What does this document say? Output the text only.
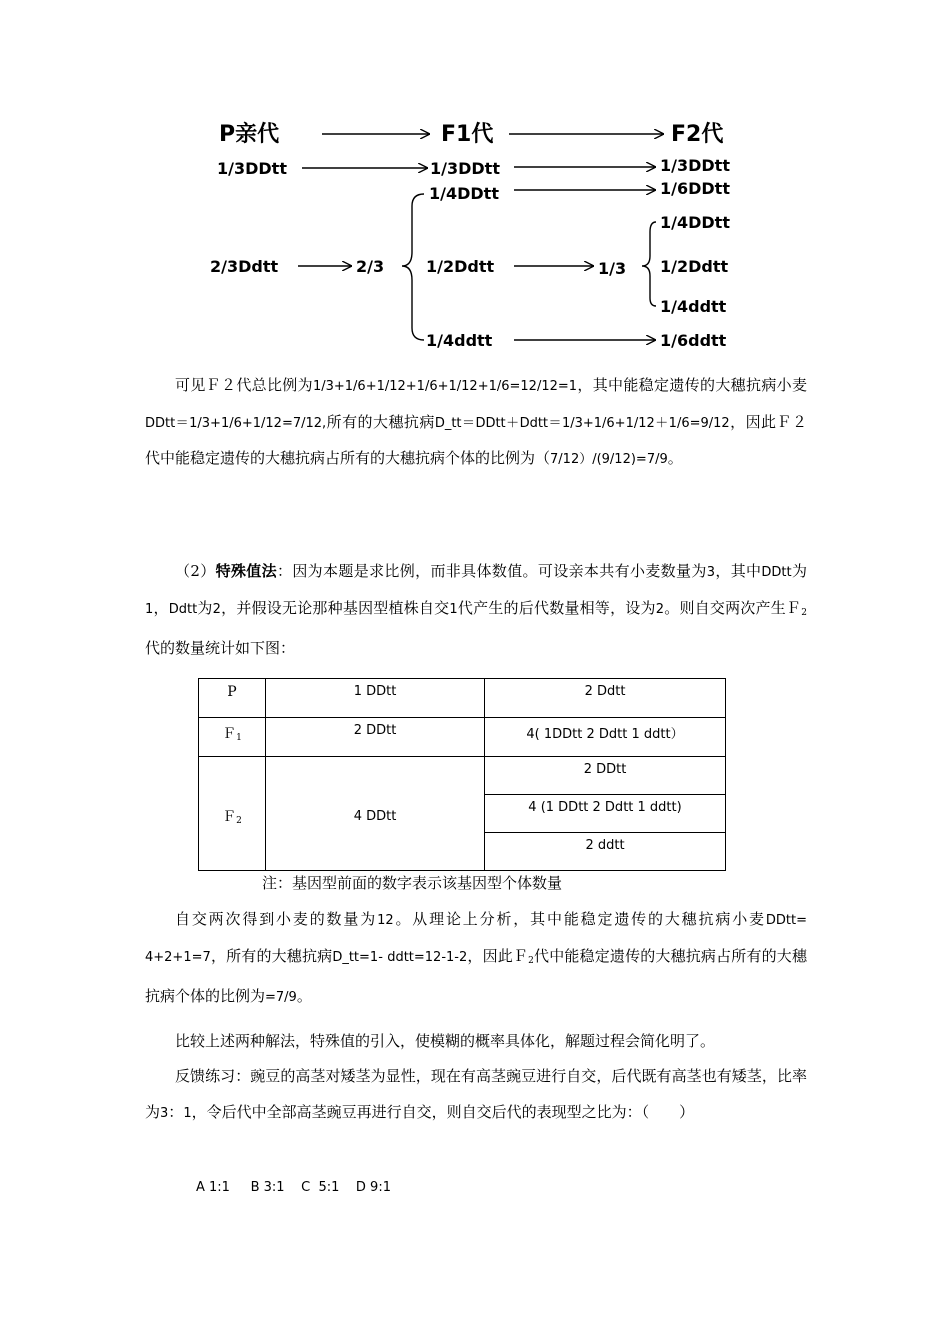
P亲代	F1代	F2代
1/3DDtt	1/3DDtt	1/3DDtt
1/4DDtt	1/6DDtt
1/4DDtt
2/3Ddtt	2/3	1/2Ddtt	1/3 1/2Ddtt
1/4ddtt
1/4ddtt	1/6ddtt

可见Ｆ２代总比例为1/3+1/6+1/12+1/6+1/12+1/6=12/12=1，其中能稳定遗传的大穗抗病小麦DDtt＝1/3+1/6+1/12=7/12,所有的大穗抗病D_tt＝DDtt＋Ddtt＝1/3+1/6+1/12＋1/6=9/12，因此Ｆ２代中能稳定遗传的大穗抗病占所有的大穗抗病个体的比例为（7/12）/(9/12)=7/9。

（2）特殊值法：因为本题是求比例，而非具体数值。可设亲本共有小麦数量为3，其中DDtt为1，Ddtt为2，并假设无论那种基因型植株自交1代产生的后代数量相等，设为2。则自交两次产生Ｆ$_2$代的数量统计如下图：

P	1 DDtt	2 Ddtt
Ｆ$_1$	2 DDtt	4( 1DDtt 2 Ddtt 1 ddtt）
Ｆ$_2$	4 DDtt	2 DDtt
		4 (1 DDtt 2 Ddtt 1 ddtt)
		2 ddtt
注：基因型前面的数字表示该基因型个体数量

自交两次得到小麦的数量为12。从理论上分析，其中能稳定遗传的大穗抗病小麦DDtt= 4+2+1=7，所有的大穗抗病D_tt=1- ddtt=12-1-2，因此Ｆ$_2$代中能稳定遗传的大穗抗病占所有的大穗抗病个体的比例为=7/9。

比较上述两种解法，特殊值的引入，使模糊的概率具体化，解题过程会简化明了。

反馈练习：豌豆的高茎对矮茎为显性，现在有高茎豌豆进行自交，后代既有高茎也有矮茎，比率为3：1，令后代中全部高茎豌豆再进行自交，则自交后代的表现型之比为：（　　）

A 1:1     B 3:1    C  5:1    D 9:1
